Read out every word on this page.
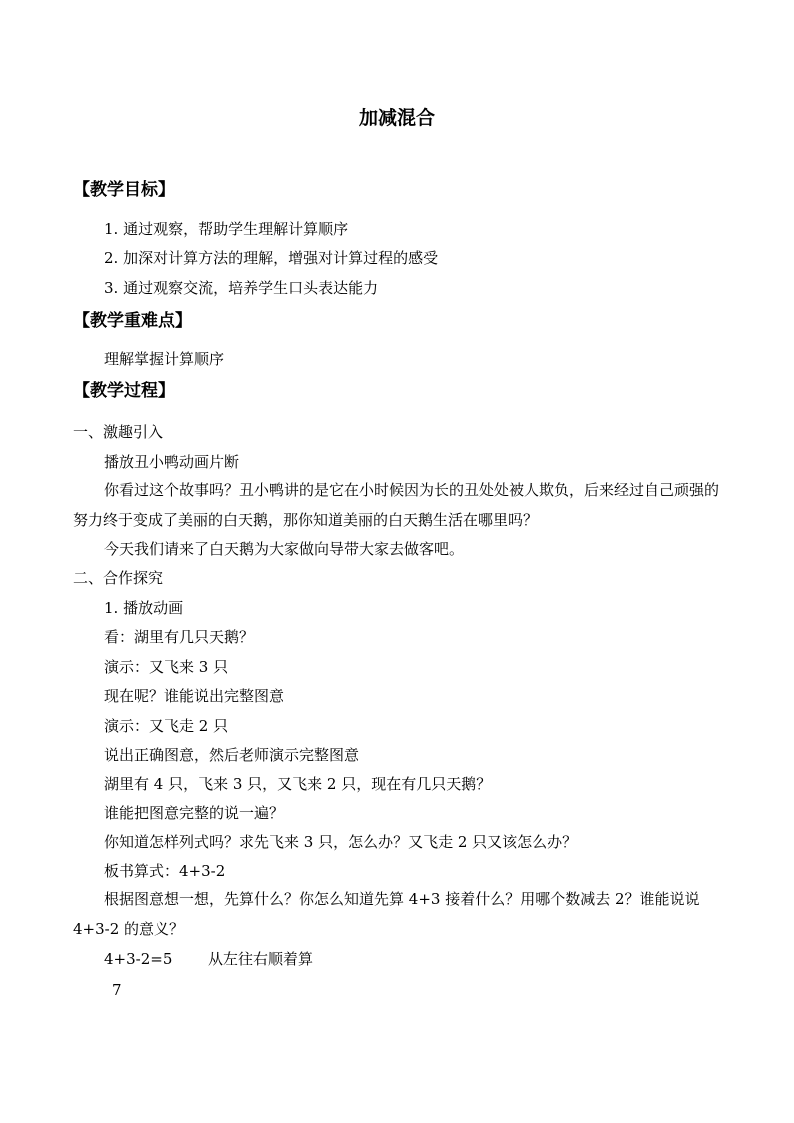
加减混合
【教学目标】
1. 通过观察，帮助学生理解计算顺序
2. 加深对计算方法的理解，增强对计算过程的感受
3. 通过观察交流，培养学生口头表达能力
【教学重难点】
理解掌握计算顺序
【教学过程】
一、激趣引入
播放丑小鸭动画片断
你看过这个故事吗？丑小鸭讲的是它在小时候因为长的丑处处被人欺负，后来经过自己顽强的努力终于变成了美丽的白天鹅，那你知道美丽的白天鹅生活在哪里吗？
今天我们请来了白天鹅为大家做向导带大家去做客吧。
二、合作探究
1. 播放动画
看：湖里有几只天鹅？
演示：又飞来 3 只
现在呢？谁能说出完整图意
演示：又飞走 2 只
说出正确图意，然后老师演示完整图意
湖里有 4 只，飞来 3 只，又飞来 2 只，现在有几只天鹅？
谁能把图意完整的说一遍？
你知道怎样列式吗？求先飞来 3 只，怎么办？又飞走 2 只又该怎么办？
板书算式：4+3-2
根据图意想一想，先算什么？你怎么知道先算 4+3 接着什么？用哪个数减去 2？谁能说说 4+3-2 的意义？
4+3-2=5 从左往右顺着算
7
